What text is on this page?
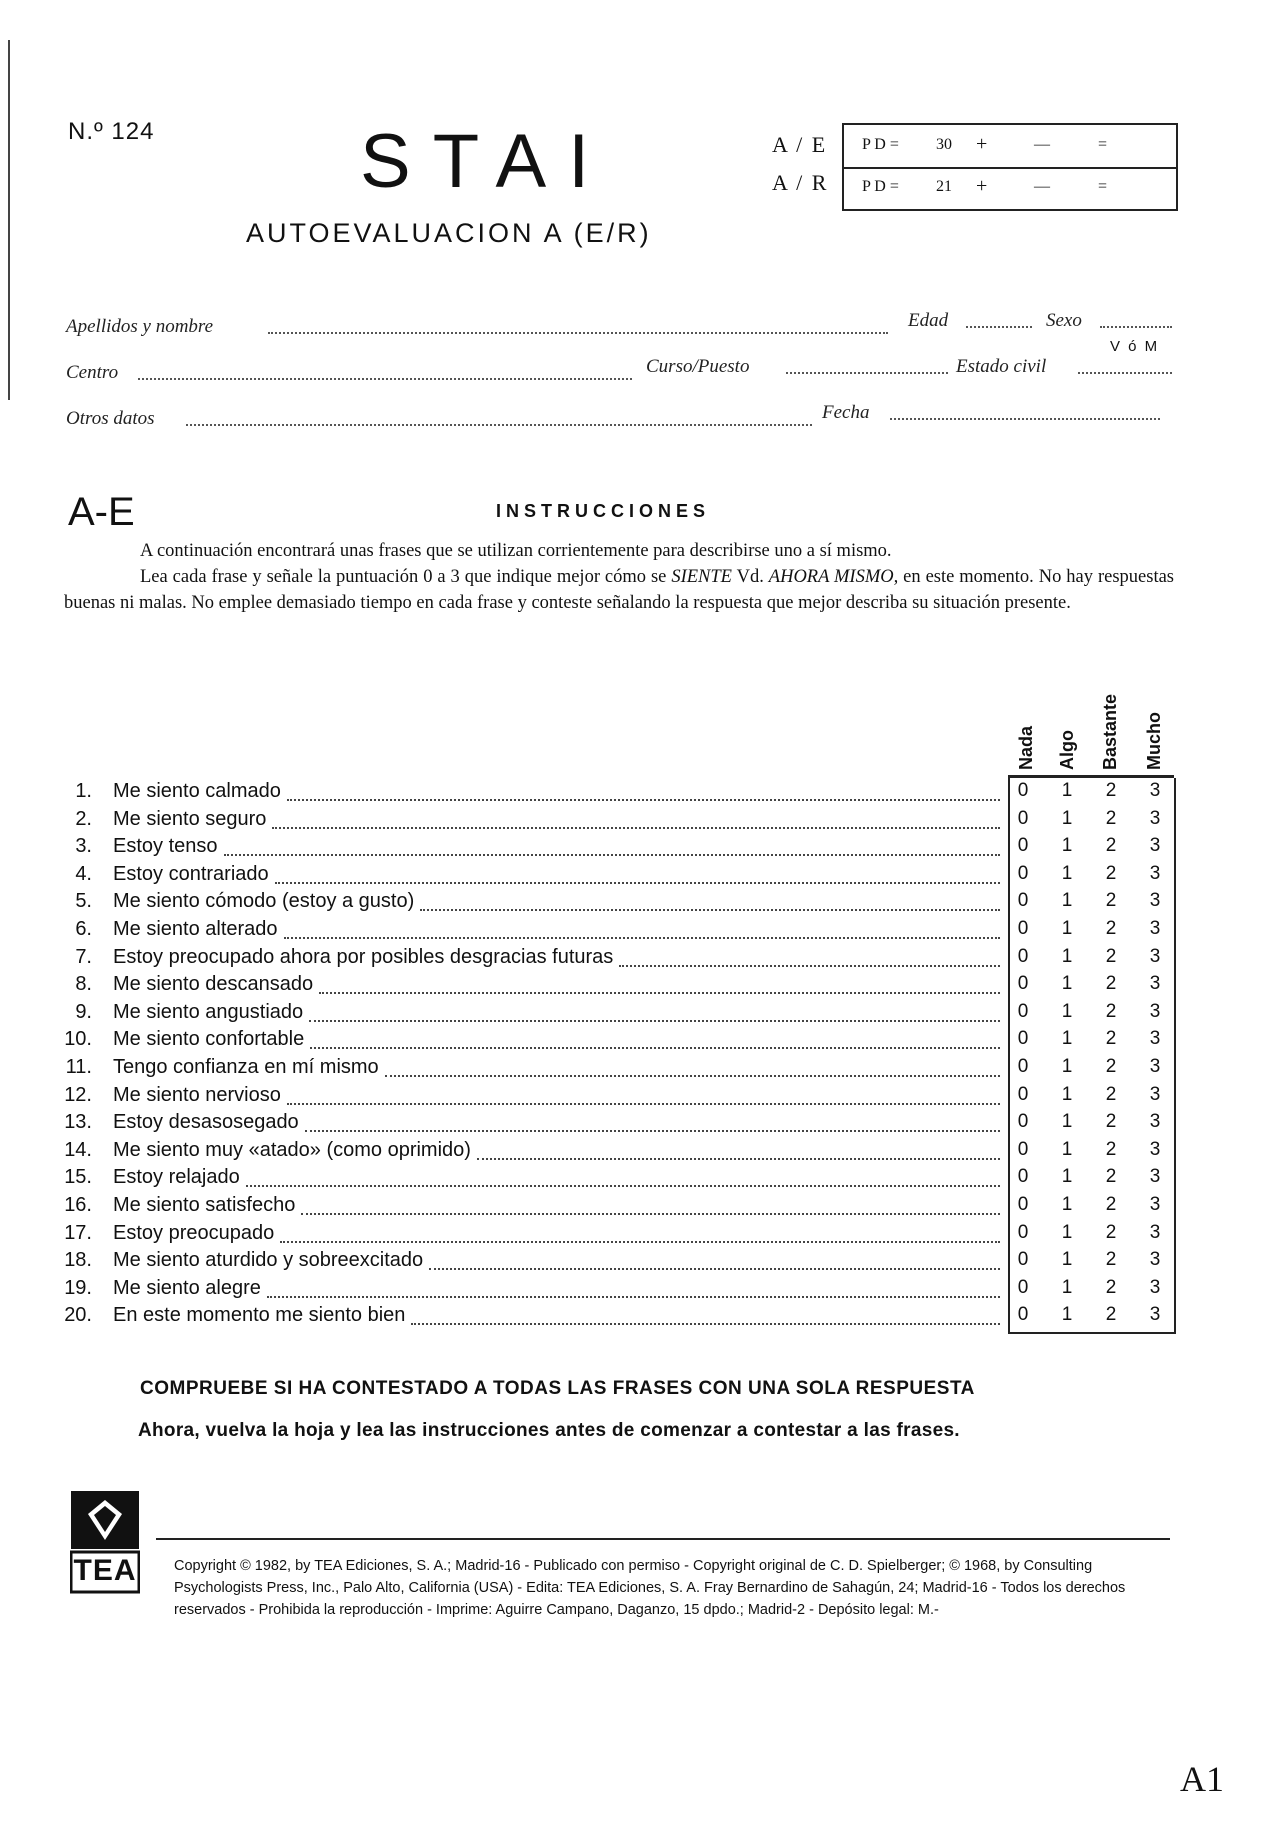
N.º 124	STAI
AUTOEVALUACION A (E/R)
A / E
A / R
P D = 30 +	—	=
P D = 21 +	—	=
Apellidos y nombre	Edad	Sexo
V ó M
Centro	Curso/Puesto	Estado civil
Otros datos	Fecha
A-E	INSTRUCCIONES

A continuación encontrará unas frases que se utilizan corrientemente para describirse uno a sí mismo.

Lea cada frase y señale la puntuación 0 a 3 que indique mejor cómo se SIENTE Vd. AHORA MISMO, en este momento. No hay respuestas buenas ni malas. No emplee demasiado tiempo en cada frase y conteste señalando la respuesta que mejor describa su situación presente.

Nada Algo Bastante Mucho
1. Me siento calmado	0	1	2	3
2. Me siento seguro	0	1	2	3
3. Estoy tenso	0	1	2	3
4. Estoy contrariado	0	1	2	3
5. Me siento cómodo (estoy a gusto)	0	1	2	3
6. Me siento alterado	0	1	2	3
7. Estoy preocupado ahora por posibles desgracias futuras	0	1	2	3
8. Me siento descansado	0	1	2	3
9. Me siento angustiado	0	1	2	3
10. Me siento confortable	0	1	2	3
11. Tengo confianza en mí mismo	0	1	2	3
12. Me siento nervioso	0	1	2	3
13. Estoy desasosegado	0	1	2	3
14. Me siento muy «atado» (como oprimido)	0	1	2	3
15. Estoy relajado	0	1	2	3
16. Me siento satisfecho	0	1	2	3
17. Estoy preocupado	0	1	2	3
18. Me siento aturdido y sobreexcitado	0	1	2	3
19. Me siento alegre	0	1	2	3
20. En este momento me siento bien	0	1	2	3
COMPRUEBE SI HA CONTESTADO A TODAS LAS FRASES CON UNA SOLA RESPUESTA
Ahora, vuelva la hoja y lea las instrucciones antes de comenzar a contestar a las frases.
TEA	Copyright © 1982, by TEA Ediciones, S. A.; Madrid-16 - Publicado con permiso - Copyright original de C. D. Spielberger; © 1968, by Consulting Psychologists Press, Inc., Palo Alto, California (USA) - Edita: TEA Ediciones, S. A. Fray Bernardino de Sahagún, 24; Madrid-16 - Todos los derechos reservados - Prohibida la reproducción - Imprime: Aguirre Campano, Daganzo, 15 dpdo.; Madrid-2 - Depósito legal: M.-
A1
